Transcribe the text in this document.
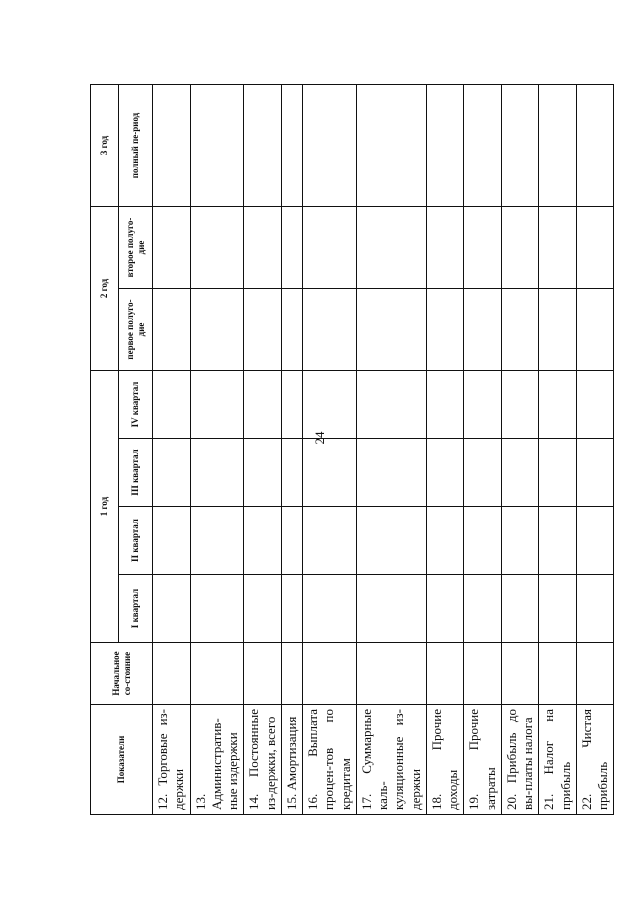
24
Показатели	Начальное со-стояние	1 год				2 год		3 год
		I квартал	II квартал	III квартал	IV квартал	первое полуго-дие	второе полуго-дие	полный пе-риод
12. Торговые из-держки								
13. Административ-ные издержки								
14. Постоянные из-держки, всего								
15. Амортизация								
16. Выплата процен-тов по кредитам								
17. Суммарные каль-куляционные из-держки								
18. Прочие доходы								
19. Прочие затраты								
20. Прибыль до вы-платы налога								
21. Налог на прибыль								
22. Чистая прибыль								
